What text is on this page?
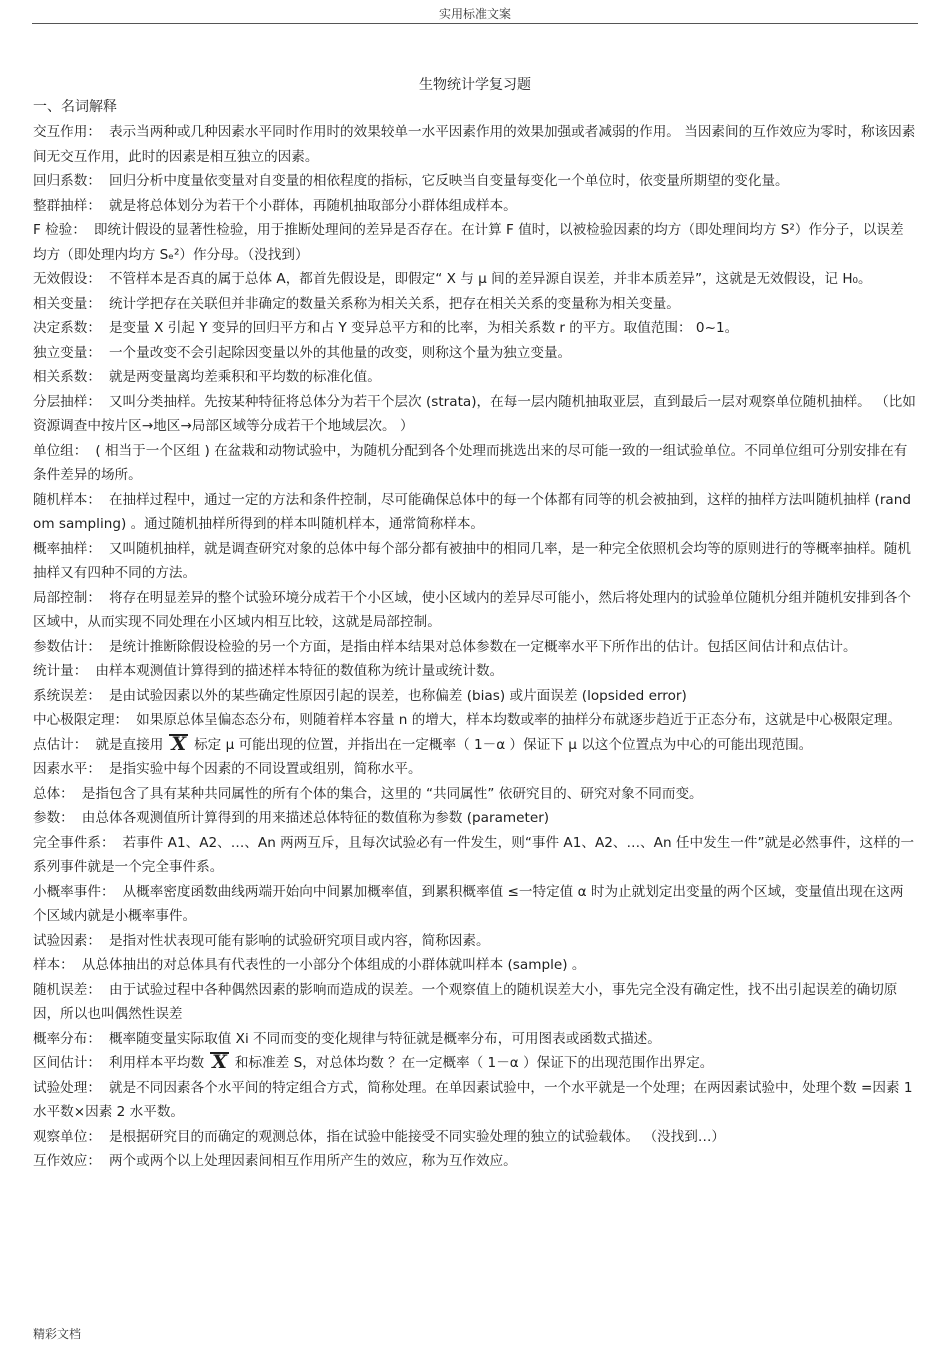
实用标准文案
生物统计学复习题
一、名词解释
交互作用： 表示当两种或几种因素水平同时作用时的效果较单一水平因素作用的效果加强或者减弱的作用。 当因素间的互作效应为零时，称该因素间无交互作用，此时的因素是相互独立的因素。
回归系数： 回归分析中度量依变量对自变量的相依程度的指标，它反映当自变量每变化一个单位时，依变量所期望的变化量。
整群抽样： 就是将总体划分为若干个小群体，再随机抽取部分小群体组成样本。
F 检验： 即统计假设的显著性检验，用于推断处理间的差异是否存在。在计算 F 值时，以被检验因素的均方（即处理间均方 S²）作分子，以误差均方（即处理内均方 Sₑ²）作分母。（没找到）
无效假设： 不管样本是否真的属于总体 A，都首先假设是，即假定“ X 与 μ 间的差异源自误差，并非本质差异”，这就是无效假设，记 H₀。
相关变量： 统计学把存在关联但并非确定的数量关系称为相关关系，把存在相关关系的变量称为相关变量。
决定系数： 是变量 X 引起 Y 变异的回归平方和占 Y 变异总平方和的比率，为相关系数 r 的平方。取值范围： 0~1。
独立变量： 一个量改变不会引起除因变量以外的其他量的改变，则称这个量为独立变量。
相关系数： 就是两变量离均差乘积和平均数的标准化值。
分层抽样： 又叫分类抽样。先按某种特征将总体分为若干个层次 (strata)，在每一层内随机抽取亚层，直到最后一层对观察单位随机抽样。 （比如资源调查中按片区→地区→局部区域等分成若干个地域层次。 ）
单位组： ( 相当于一个区组 ) 在盆栽和动物试验中，为随机分配到各个处理而挑选出来的尽可能一致的一组试验单位。不同单位组可分别安排在有条件差异的场所。
随机样本： 在抽样过程中，通过一定的方法和条件控制，尽可能确保总体中的每一个体都有同等的机会被抽到，这样的抽样方法叫随机抽样 (random sampling) 。通过随机抽样所得到的样本叫随机样本，通常简称样本。
概率抽样： 又叫随机抽样，就是调查研究对象的总体中每个部分都有被抽中的相同几率，是一种完全依照机会均等的原则进行的等概率抽样。随机抽样又有四种不同的方法。
局部控制： 将存在明显差异的整个试验环境分成若干个小区域，使小区域内的差异尽可能小，然后将处理内的试验单位随机分组并随机安排到各个区域中，从而实现不同处理在小区域内相互比较，这就是局部控制。
参数估计： 是统计推断除假设检验的另一个方面，是指由样本结果对总体参数在一定概率水平下所作出的估计。包括区间估计和点估计。
统计量： 由样本观测值计算得到的描述样本特征的数值称为统计量或统计数。
系统误差： 是由试验因素以外的某些确定性原因引起的误差，也称偏差 (bias) 或片面误差 (lopsided error)
中心极限定理： 如果原总体呈偏态态分布，则随着样本容量 n 的增大，样本均数或率的抽样分布就逐步趋近于正态分布，这就是中心极限定理。
点估计： 就是直接用 X 标定 μ 可能出现的位置，并指出在一定概率（ 1－α ）保证下 μ 以这个位置点为中心的可能出现范围。
因素水平： 是指实验中每个因素的不同设置或组别，简称水平。
总体： 是指包含了具有某种共同属性的所有个体的集合，这里的 “共同属性” 依研究目的、研究对象不同而变。
参数： 由总体各观测值所计算得到的用来描述总体特征的数值称为参数 (parameter)
完全事件系： 若事件 A1、A2、…、An 两两互斥，且每次试验必有一件发生，则“事件 A1、A2、…、An 任中发生一件”就是必然事件，这样的一系列事件就是一个完全事件系。
小概率事件： 从概率密度函数曲线两端开始向中间累加概率值，到累积概率值 ≤一特定值 α 时为止就划定出变量的两个区域，变量值出现在这两个区域内就是小概率事件。
试验因素： 是指对性状表现可能有影响的试验研究项目或内容，简称因素。
样本： 从总体抽出的对总体具有代表性的一小部分个体组成的小群体就叫样本 (sample) 。
随机误差： 由于试验过程中各种偶然因素的影响而造成的误差。一个观察值上的随机误差大小，事先完全没有确定性，找不出引起误差的确切原因，所以也叫偶然性误差
概率分布： 概率随变量实际取值 Xi 不同而变的变化规律与特征就是概率分布，可用图表或函数式描述。
区间估计： 利用样本平均数 X 和标准差 S，对总体均数 ？在一定概率（ 1－α ）保证下的出现范围作出界定。
试验处理： 就是不同因素各个水平间的特定组合方式，简称处理。在单因素试验中，一个水平就是一个处理；在两因素试验中，处理个数 =因素 1 水平数×因素 2 水平数。
观察单位： 是根据研究目的而确定的观测总体，指在试验中能接受不同实验处理的独立的试验载体。 （没找到…）
互作效应： 两个或两个以上处理因素间相互作用所产生的效应，称为互作效应。
精彩文档
